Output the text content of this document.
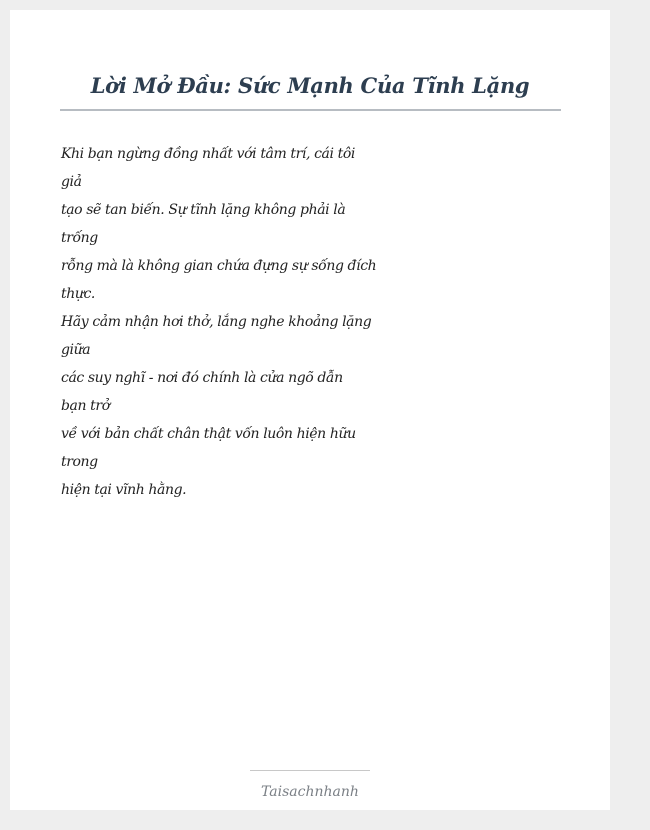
Lời Mở Đầu: Sức Mạnh Của Tĩnh Lặng
Khi bạn ngừng đồng nhất với tâm trí, cái tôi
giả
tạo sẽ tan biến. Sự tĩnh lặng không phải là
trống
rỗng mà là không gian chứa đựng sự sống đích
thực.
Hãy cảm nhận hơi thở, lắng nghe khoảng lặng
giữa
các suy nghĩ - nơi đó chính là cửa ngõ dẫn
bạn trở
về với bản chất chân thật vốn luôn hiện hữu
trong
hiện tại vĩnh hằng.
Taisachnhanh
